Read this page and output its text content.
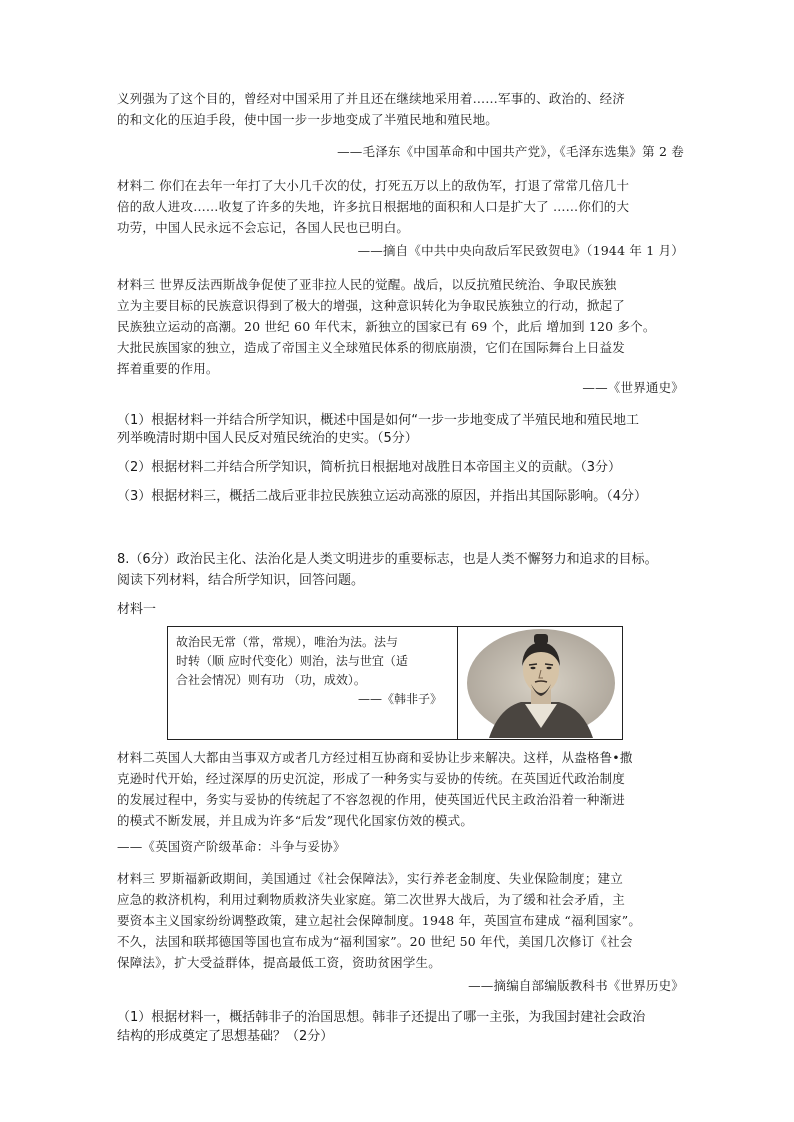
义列强为了这个目的，曾经对中国采用了并且还在继续地采用着……军事的、政治的、经济
的和文化的压迫手段，使中国一步一步地变成了半殖民地和殖民地。
——毛泽东《中国革命和中国共产党》，《毛泽东选集》第 2 卷
材料二 你们在去年一年打了大小几千次的仗，打死五万以上的敌伪军，打退了常常几倍几十
倍的敌人进攻……收复了许多的失地，许多抗日根据地的面积和人口是扩大了 ……你们的大
功劳，中国人民永远不会忘记，各国人民也已明白。
——摘自《中共中央向敌后军民致贺电》（1944 年 1 月）
材料三 世界反法西斯战争促使了亚非拉人民的觉醒。战后，以反抗殖民统治、争取民族独
立为主要目标的民族意识得到了极大的增强，这种意识转化为争取民族独立的行动，掀起了
民族独立运动的高潮。20 世纪 60 年代末，新独立的国家已有 69 个，此后 增加到 120 多个。
大批民族国家的独立，造成了帝国主义全球殖民体系的彻底崩溃，它们在国际舞台上日益发
挥着重要的作用。
——《世界通史》
（1）根据材料一并结合所学知识，概述中国是如何“一步一步地变成了半殖民地和殖民地工
列举晚清时期中国人民反对殖民统治的史实。（5分）
（2）根据材料二并结合所学知识，简析抗日根据地对战胜日本帝国主义的贡献。（3分）
（3）根据材料三，概括二战后亚非拉民族独立运动高涨的原因，并指出其国际影响。（4分）
8.（6分）政治民主化、法治化是人类文明进步的重要标志，也是人类不懈努力和追求的目标。
阅读下列材料，结合所学知识，回答问题。
材料一
故治民无常（常，常规），唯治为法。法与
时转（顺 应时代变化）则治，法与世宜（适
合社会情况）则有功 （功，成效）。
——《韩非子》
材料二英国人大都由当事双方或者几方经过相互协商和妥协让步来解决。这样，从盎格鲁•撒
克逊时代开始，经过深厚的历史沉淀，形成了一种务实与妥协的传统。在英国近代政治制度
的发展过程中，务实与妥协的传统起了不容忽视的作用，使英国近代民主政治沿着一种渐进
的模式不断发展，并且成为许多“后发”现代化国家仿效的模式。
——《英国资产阶级革命：斗争与妥协》
材料三 罗斯福新政期间，美国通过《社会保障法》，实行养老金制度、失业保险制度；建立
应急的救济机构，利用过剩物质救济失业家庭。第二次世界大战后，为了缓和社会矛盾，主
要资本主义国家纷纷调整政策，建立起社会保障制度。1948 年，英国宣布建成 “福利国家”。
不久，法国和联邦德国等国也宣布成为“福利国家”。20 世纪 50 年代，美国几次修订《社会
保障法》，扩大受益群体，提高最低工资，资助贫困学生。
——摘编自部编版教科书《世界历史》
（1）根据材料一，概括韩非子的治国思想。韩非子还提出了哪一主张，为我国封建社会政治
结构的形成奠定了思想基础？（2分）
